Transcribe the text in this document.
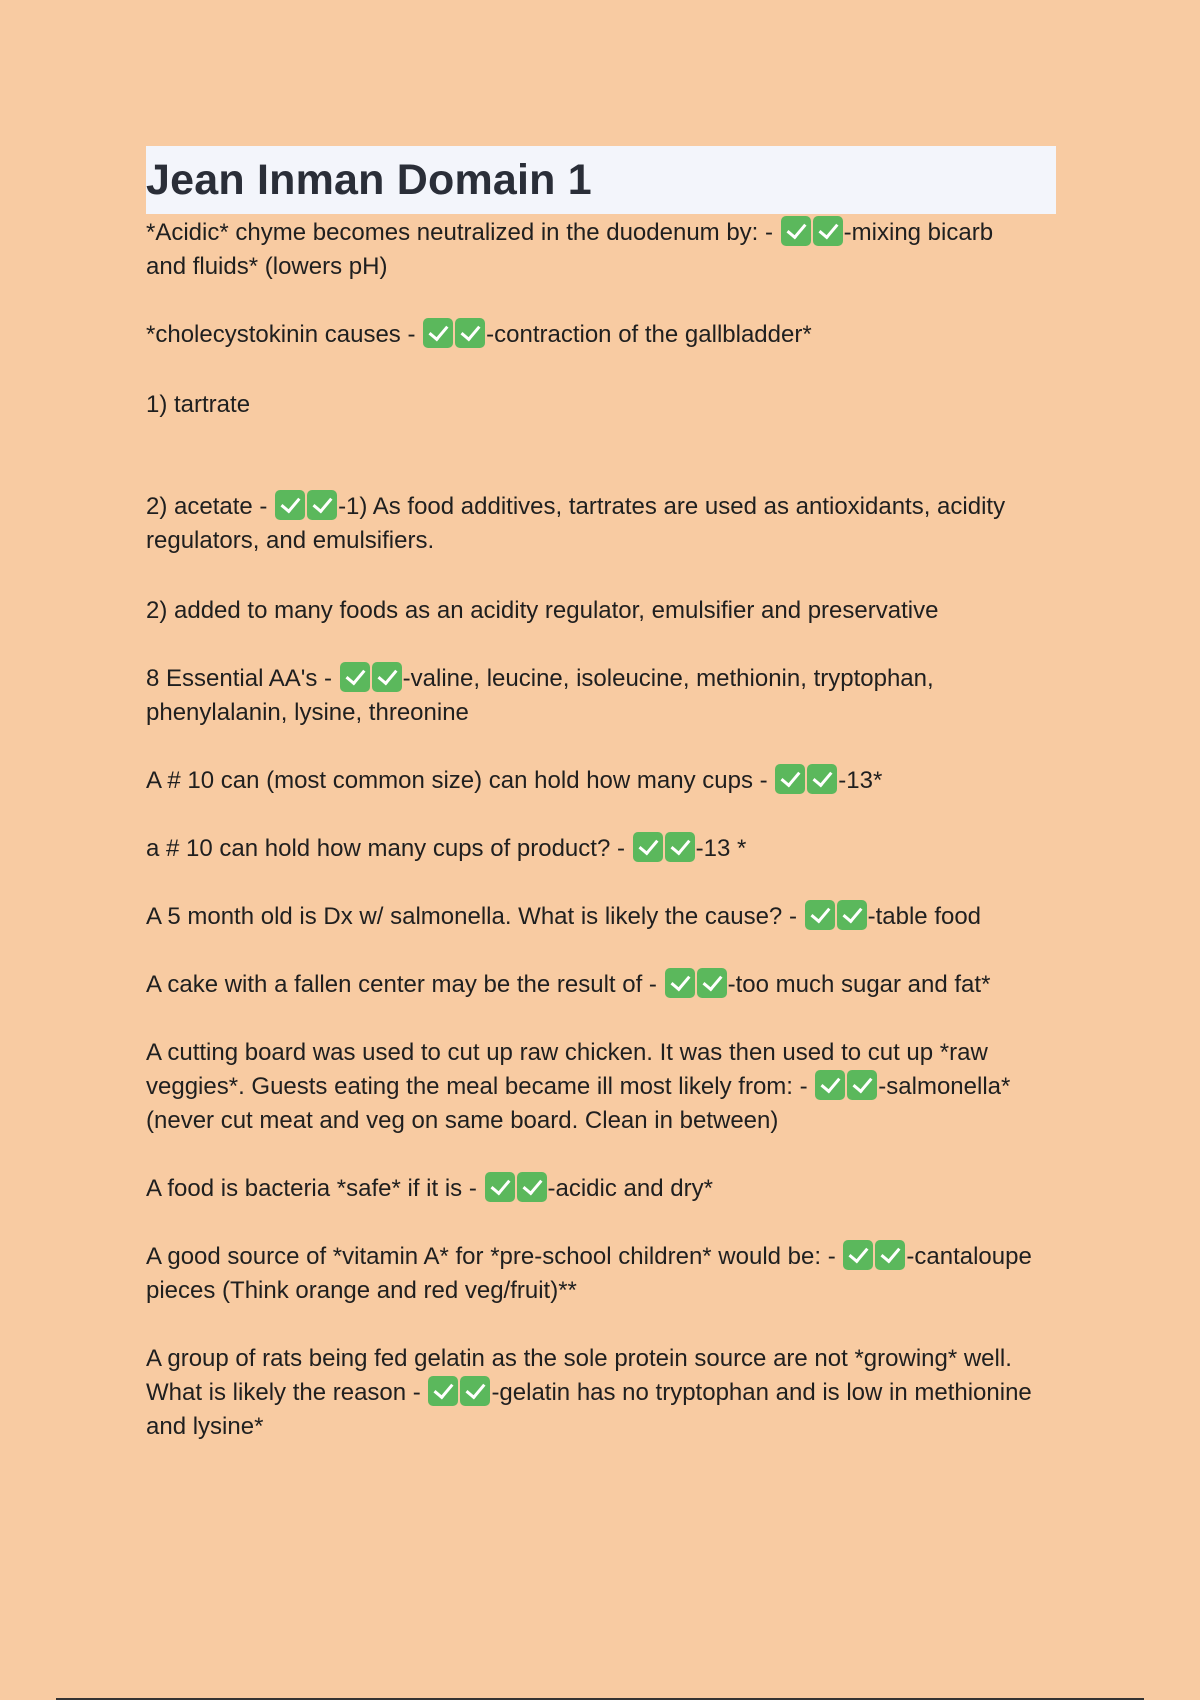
Jean Inman Domain 1

*Acidic* chyme becomes neutralized in the duodenum by: -	-mixing bicarb and fluids* (lowers pH)

*cholecystokinin causes -	-contraction of the gallbladder*

1) tartrate

2) acetate -	-1) As food additives, tartrates are used as antioxidants, acidity regulators, and emulsifiers.

2) added to many foods as an acidity regulator, emulsifier and preservative

8 Essential AA's -	-valine, leucine, isoleucine, methionin, tryptophan, phenylalanin, lysine, threonine

A # 10 can (most common size) can hold how many cups -	-13*

a # 10 can hold how many cups of product? -	-13 *

A 5 month old is Dx w/ salmonella. What is likely the cause? -	-table food

A cake with a fallen center may be the result of -	-too much sugar and fat*

A cutting board was used to cut up raw chicken. It was then used to cut up *raw veggies*. Guests eating the meal became ill most likely from: -	-salmonella* (never cut meat and veg on same board. Clean in between)

A food is bacteria *safe* if it is -	-acidic and dry*

A good source of *vitamin A* for *pre-school children* would be: -	-cantaloupe pieces (Think orange and red veg/fruit)**

A group of rats being fed gelatin as the sole protein source are not *growing* well. What is likely the reason -	-gelatin has no tryptophan and is low in methionine and lysine*
